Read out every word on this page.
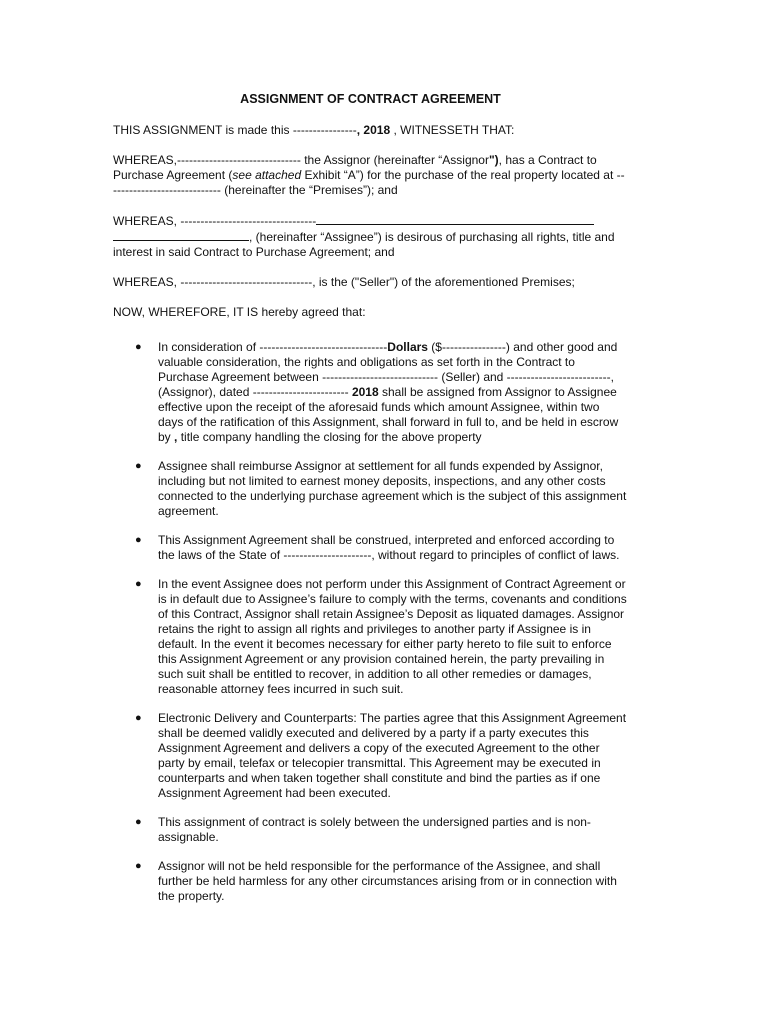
ASSIGNMENT OF CONTRACT AGREEMENT

THIS ASSIGNMENT is made this ----------------, 2018 , WITNESSETH THAT:

WHEREAS,------------------------------- the Assignor (hereinafter “Assignor"), has a Contract to Purchase Agreement (see attached Exhibit “A”) for the purchase of the real property located at ----------------------------- (hereinafter the “Premises”); and

WHEREAS, ----------------------------------
, (hereinafter “Assignee”) is desirous of purchasing all rights, title and interest in said Contract to Purchase Agreement; and

WHEREAS, ---------------------------------, is the ("Seller") of the aforementioned Premises;

NOW, WHEREFORE, IT IS hereby agreed that:

● In consideration of --------------------------------Dollars ($----------------) and other good and valuable consideration, the rights and obligations as set forth in the Contract to Purchase Agreement between ----------------------------- (Seller) and --------------------------, (Assignor), dated ------------------------ 2018 shall be assigned from Assignor to Assignee effective upon the receipt of the aforesaid funds which amount Assignee, within two days of the ratification of this Assignment, shall forward in full to, and be held in escrow by , title company handling the closing for the above property
● Assignee shall reimburse Assignor at settlement for all funds expended by Assignor, including but not limited to earnest money deposits, inspections, and any other costs connected to the underlying purchase agreement which is the subject of this assignment agreement.
● This Assignment Agreement shall be construed, interpreted and enforced according to the laws of the State of ----------------------, without regard to principles of conflict of laws.
● In the event Assignee does not perform under this Assignment of Contract Agreement or is in default due to Assignee’s failure to comply with the terms, covenants and conditions of this Contract, Assignor shall retain Assignee’s Deposit as liquated damages. Assignor retains the right to assign all rights and privileges to another party if Assignee is in default. In the event it becomes necessary for either party hereto to file suit to enforce this Assignment Agreement or any provision contained herein, the party prevailing in such suit shall be entitled to recover, in addition to all other remedies or damages, reasonable attorney fees incurred in such suit.
● Electronic Delivery and Counterparts: The parties agree that this Assignment Agreement shall be deemed validly executed and delivered by a party if a party executes this Assignment Agreement and delivers a copy of the executed Agreement to the other party by email, telefax or telecopier transmittal. This Agreement may be executed in counterparts and when taken together shall constitute and bind the parties as if one Assignment Agreement had been executed.
● This assignment of contract is solely between the undersigned parties and is non-assignable.
● Assignor will not be held responsible for the performance of the Assignee, and shall further be held harmless for any other circumstances arising from or in connection with the property.
